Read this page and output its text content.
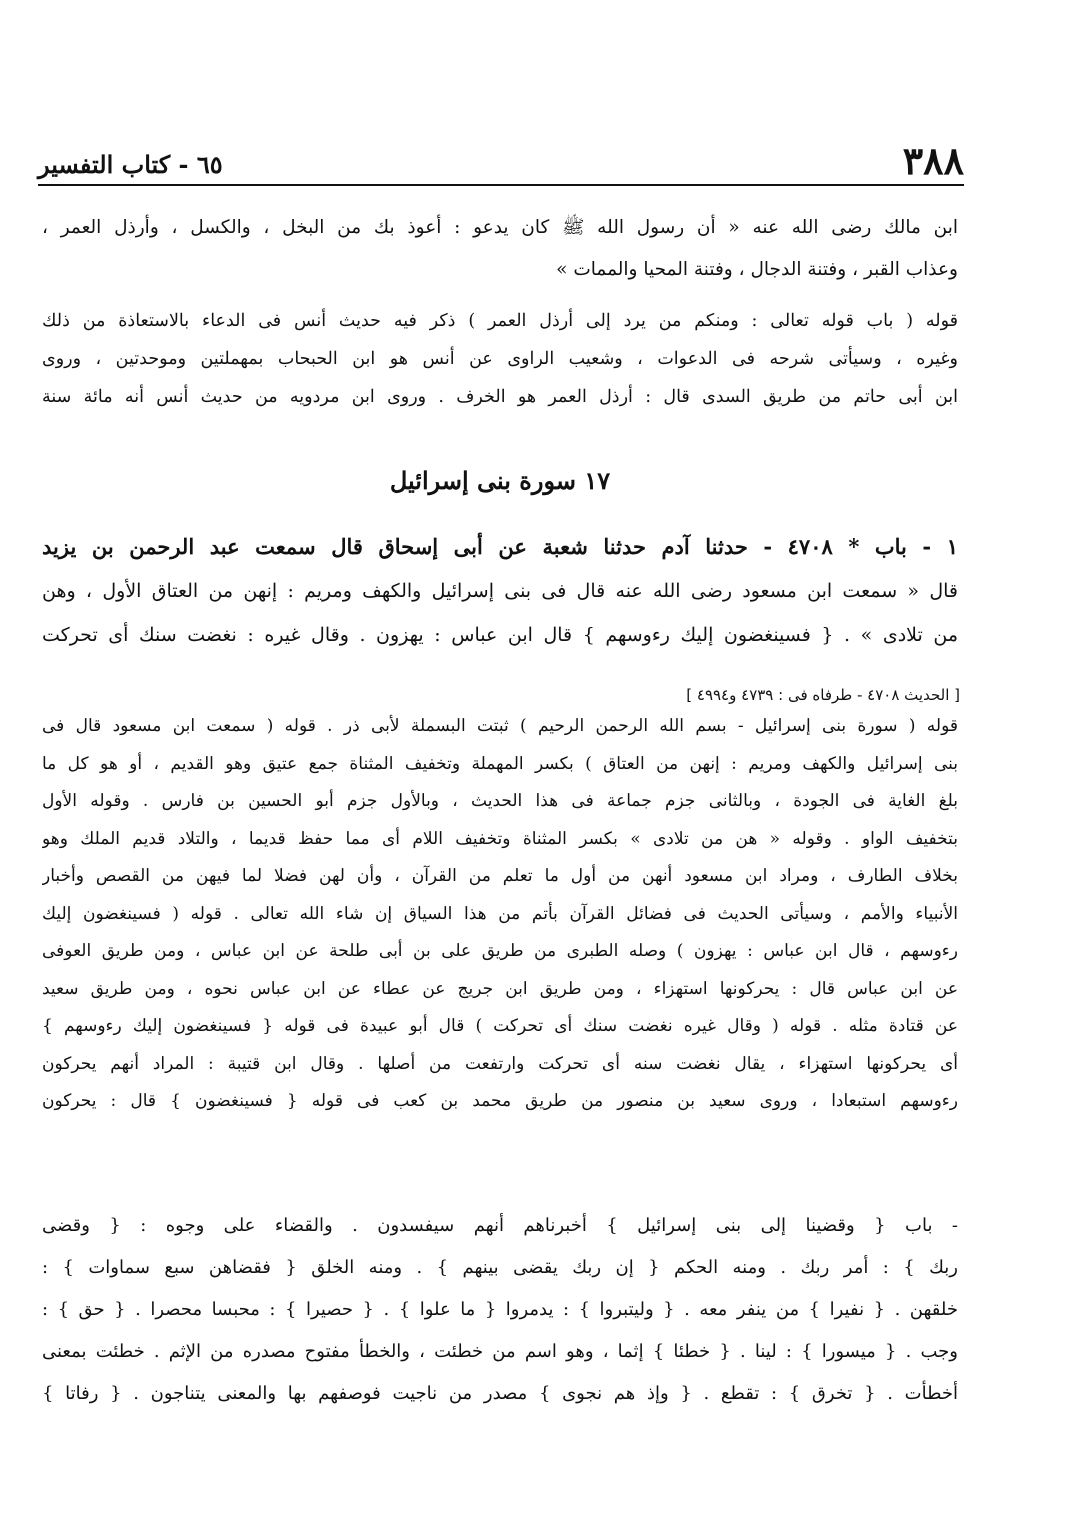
٦٥ - كتاب التفسير	٣٨٨
ابن مالك رضى الله عنه « أن رسول الله ﷺ كان يدعو : أعوذ بك من البخل ، والكسل ، وأرذل العمر ،
وعذاب القبر ، وفتنة الدجال ، وفتنة المحيا والممات »
قوله ( باب قوله تعالى : ومنكم من يرد إلى أرذل العمر ) ذكر فيه حديث أنس فى الدعاء بالاستعاذة من ذلك
وغيره ، وسيأتى شرحه فى الدعوات ، وشعيب الراوى عن أنس هو ابن الحبحاب بمهملتين وموحدتين ، وروى
ابن أبى حاتم من طريق السدى قال : أرذل العمر هو الخرف . وروى ابن مردويه من حديث أنس أنه مائة سنة
١٧ سورة بنى إسرائيل
١ - باب * ٤٧٠٨ - حدثنا آدم حدثنا شعبة عن أبى إسحاق قال سمعت عبد الرحمن بن يزيد
قال « سمعت ابن مسعود رضى الله عنه قال فى بنى إسرائيل والكهف ومريم : إنهن من العتاق الأول ، وهن
من تلادى » . { فسينغضون إليك رءوسهم } قال ابن عباس : يهزون . وقال غيره : نغضت سنك أى تحركت
[ الحديث ٤٧٠٨ - طرفاه فى : ٤٧٣٩ و٤٩٩٤ ]
قوله ( سورة بنى إسرائيل - بسم الله الرحمن الرحيم ) ثبتت البسملة لأبى ذر . قوله ( سمعت ابن مسعود قال فى
بنى إسرائيل والكهف ومريم : إنهن من العتاق ) بكسر المهملة وتخفيف المثناة جمع عتيق وهو القديم ، أو هو كل ما
بلغ الغاية فى الجودة ، وبالثانى جزم جماعة فى هذا الحديث ، وبالأول جزم أبو الحسين بن فارس . وقوله الأول
بتخفيف الواو . وقوله « هن من تلادى » بكسر المثناة وتخفيف اللام أى مما حفظ قديما ، والتلاد قديم الملك وهو
بخلاف الطارف ، ومراد ابن مسعود أنهن من أول ما تعلم من القرآن ، وأن لهن فضلا لما فيهن من القصص وأخبار
الأنبياء والأمم ، وسيأتى الحديث فى فضائل القرآن بأتم من هذا السياق إن شاء الله تعالى . قوله ( فسينغضون إليك
رءوسهم ، قال ابن عباس : يهزون ) وصله الطبرى من طريق على بن أبى طلحة عن ابن عباس ، ومن طريق العوفى
عن ابن عباس قال : يحركونها استهزاء ، ومن طريق ابن جريج عن عطاء عن ابن عباس نحوه ، ومن طريق سعيد
عن قتادة مثله . قوله ( وقال غيره نغضت سنك أى تحركت ) قال أبو عبيدة فى قوله { فسينغضون إليك رءوسهم }
أى يحركونها استهزاء ، يقال نغضت سنه أى تحركت وارتفعت من أصلها . وقال ابن قتيبة : المراد أنهم يحركون
رءوسهم استبعادا ، وروى سعيد بن منصور من طريق محمد بن كعب فى قوله { فسينغضون } قال : يحركون
- باب { وقضينا إلى بنى إسرائيل } أخبرناهم أنهم سيفسدون . والقضاء على وجوه : { وقضى
ربك } : أمر ربك . ومنه الحكم { إن ربك يقضى بينهم } . ومنه الخلق { فقضاهن سبع سماوات } :
خلقهن . { نفيرا } من ينفر معه . { وليتبروا } : يدمروا { ما علوا } . { حصيرا } : محبسا محصرا . { حق } :
وجب . { ميسورا } : لينا . { خطئا } إثما ، وهو اسم من خطئت ، والخطأ مفتوح مصدره من الإثم . خطئت بمعنى
أخطأت . { تخرق } : تقطع . { وإذ هم نجوى } مصدر من ناجيت فوصفهم بها والمعنى يتناجون . { رفاتا }
